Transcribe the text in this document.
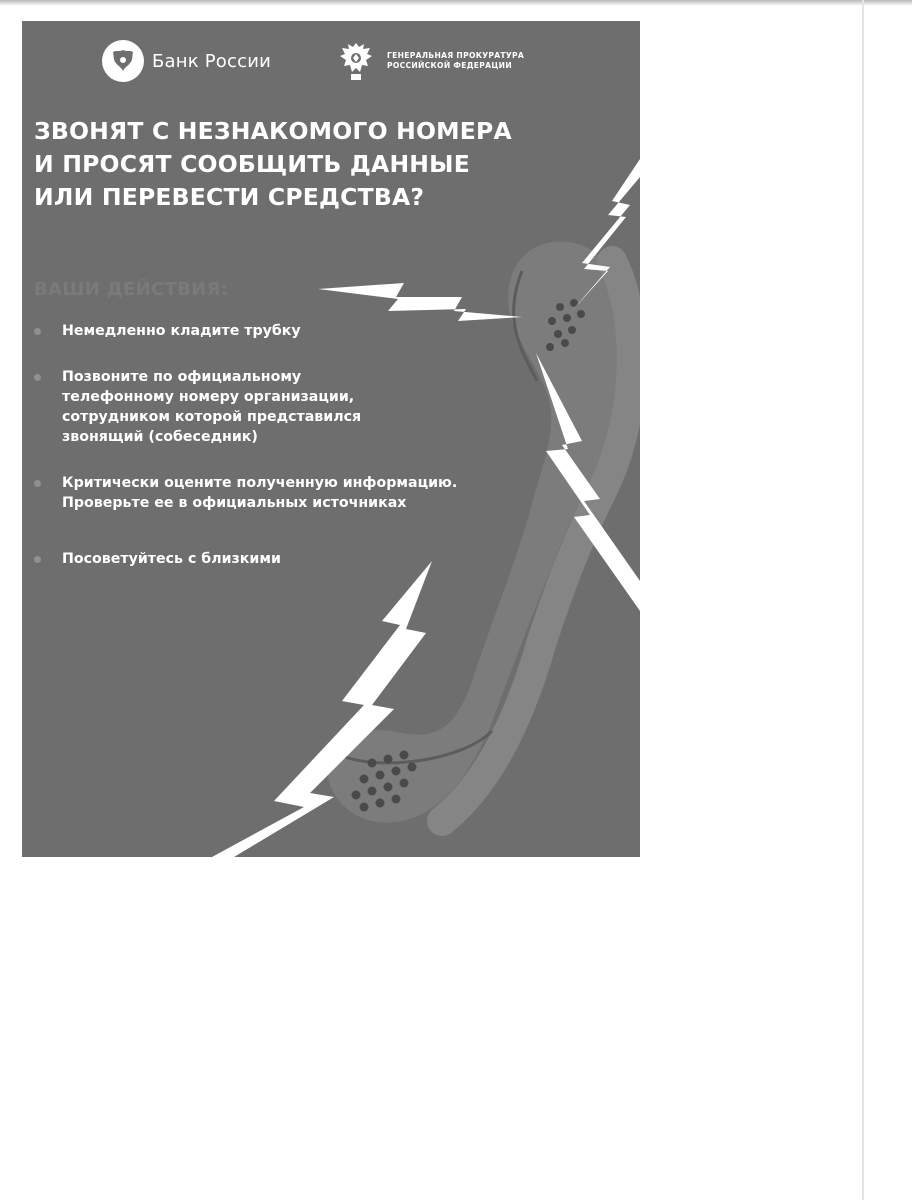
Банк России	ГЕНЕРАЛЬНАЯ ПРОКУРАТУРА
РОССИЙСКОЙ ФЕДЕРАЦИИ
ЗВОНЯТ С НЕЗНАКОМОГО НОМЕРА
И ПРОСЯТ СООБЩИТЬ ДАННЫЕ
ИЛИ ПЕРЕВЕСТИ СРЕДСТВА?
ВАШИ ДЕЙСТВИЯ:
Немедленно кладите трубку
Позвоните по официальному
телефонному номеру организации,
сотрудником которой представился
звонящий (собеседник)
Критически оцените полученную информацию.
Проверьте ее в официальных источниках
Посоветуйтесь с близкими
